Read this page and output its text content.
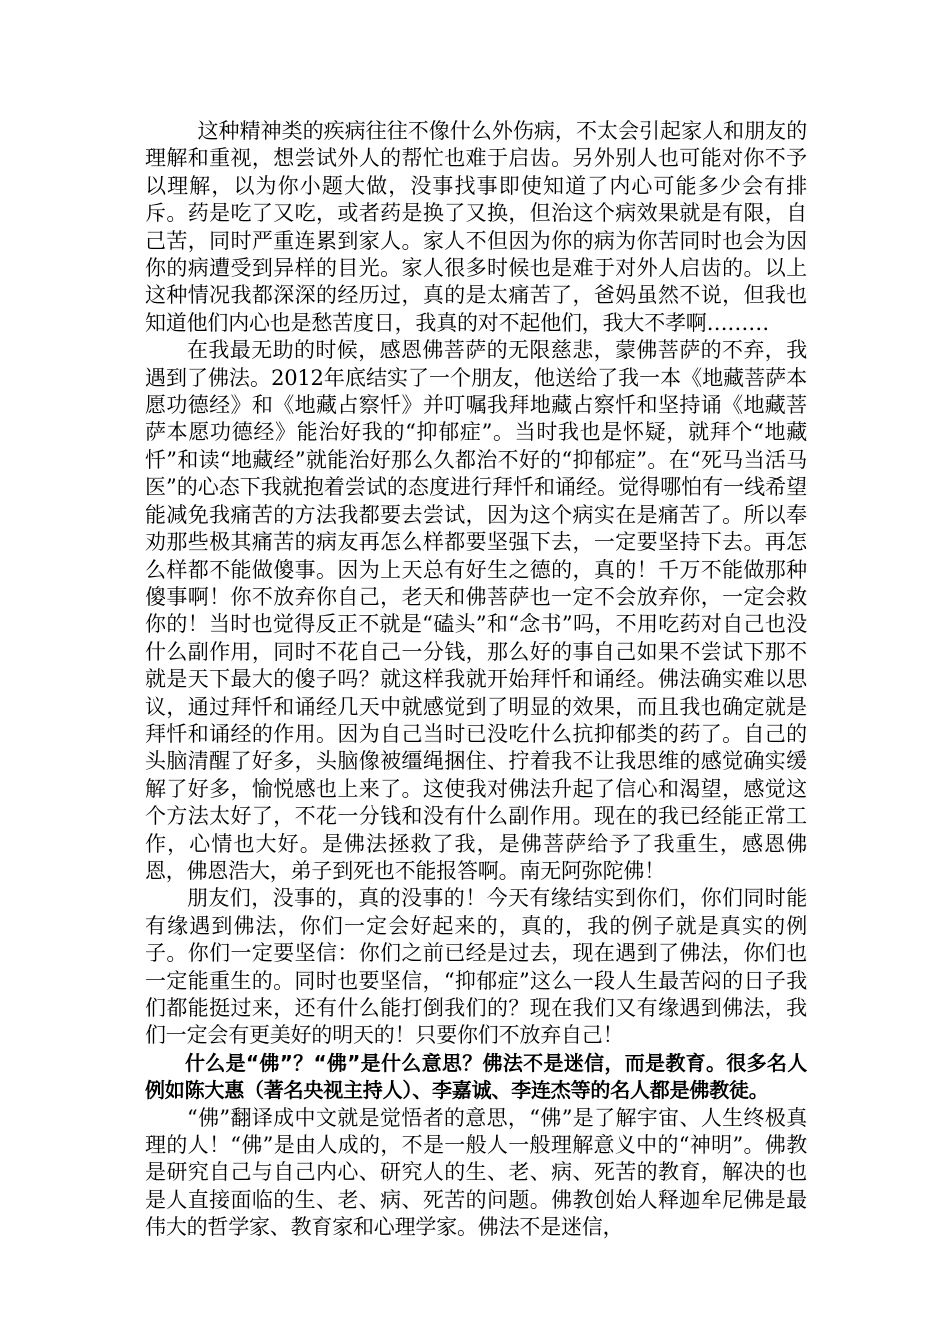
这种精神类的疾病往往不像什么外伤病，不太会引起家人和朋友的理解和重视，想尝试外人的帮忙也难于启齿。另外别人也可能对你不予以理解，以为你小题大做，没事找事即使知道了内心可能多少会有排斥。药是吃了又吃，或者药是换了又换，但治这个病效果就是有限，自己苦，同时严重连累到家人。家人不但因为你的病为你苦同时也会为因你的病遭受到异样的目光。家人很多时候也是难于对外人启齿的。以上这种情况我都深深的经历过，真的是太痛苦了，爸妈虽然不说，但我也知道他们内心也是愁苦度日，我真的对不起他们，我大不孝啊………

在我最无助的时候，感恩佛菩萨的无限慈悲，蒙佛菩萨的不弃，我遇到了佛法。2012年底结实了一个朋友，他送给了我一本《地藏菩萨本愿功德经》和《地藏占察忏》并叮嘱我拜地藏占察忏和坚持诵《地藏菩萨本愿功德经》能治好我的“抑郁症”。当时我也是怀疑，就拜个“地藏忏”和读“地藏经”就能治好那么久都治不好的“抑郁症”。在“死马当活马医”的心态下我就抱着尝试的态度进行拜忏和诵经。觉得哪怕有一线希望能减免我痛苦的方法我都要去尝试，因为这个病实在是痛苦了。所以奉劝那些极其痛苦的病友再怎么样都要坚强下去，一定要坚持下去。再怎么样都不能做傻事。因为上天总有好生之德的，真的！千万不能做那种傻事啊！你不放弃你自己，老天和佛菩萨也一定不会放弃你，一定会救你的！当时也觉得反正不就是“磕头”和“念书”吗，不用吃药对自己也没什么副作用，同时不花自己一分钱，那么好的事自己如果不尝试下那不就是天下最大的傻子吗？就这样我就开始拜忏和诵经。佛法确实难以思议，通过拜忏和诵经几天中就感觉到了明显的效果，而且我也确定就是拜忏和诵经的作用。因为自己当时已没吃什么抗抑郁类的药了。自己的头脑清醒了好多，头脑像被缰绳捆住、拧着我不让我思维的感觉确实缓解了好多，愉悦感也上来了。这使我对佛法升起了信心和渴望，感觉这个方法太好了，不花一分钱和没有什么副作用。现在的我已经能正常工作，心情也大好。是佛法拯救了我，是佛菩萨给予了我重生，感恩佛恩，佛恩浩大，弟子到死也不能报答啊。南无阿弥陀佛！

朋友们，没事的，真的没事的！今天有缘结实到你们，你们同时能有缘遇到佛法，你们一定会好起来的，真的，我的例子就是真实的例子。你们一定要坚信：你们之前已经是过去，现在遇到了佛法，你们也一定能重生的。同时也要坚信，“抑郁症”这么一段人生最苦闷的日子我们都能挺过来，还有什么能打倒我们的？现在我们又有缘遇到佛法，我们一定会有更美好的明天的！只要你们不放弃自己！

什么是“佛”？“佛”是什么意思？佛法不是迷信，而是教育。很多名人例如陈大惠（著名央视主持人）、李嘉诚、李连杰等的名人都是佛教徒。

“佛”翻译成中文就是觉悟者的意思，“佛”是了解宇宙、人生终极真理的人！“佛”是由人成的，不是一般人一般理解意义中的“神明”。佛教是研究自己与自己内心、研究人的生、老、病、死苦的教育，解决的也是人直接面临的生、老、病、死苦的问题。佛教创始人释迦牟尼佛是最伟大的哲学家、教育家和心理学家。佛法不是迷信，
